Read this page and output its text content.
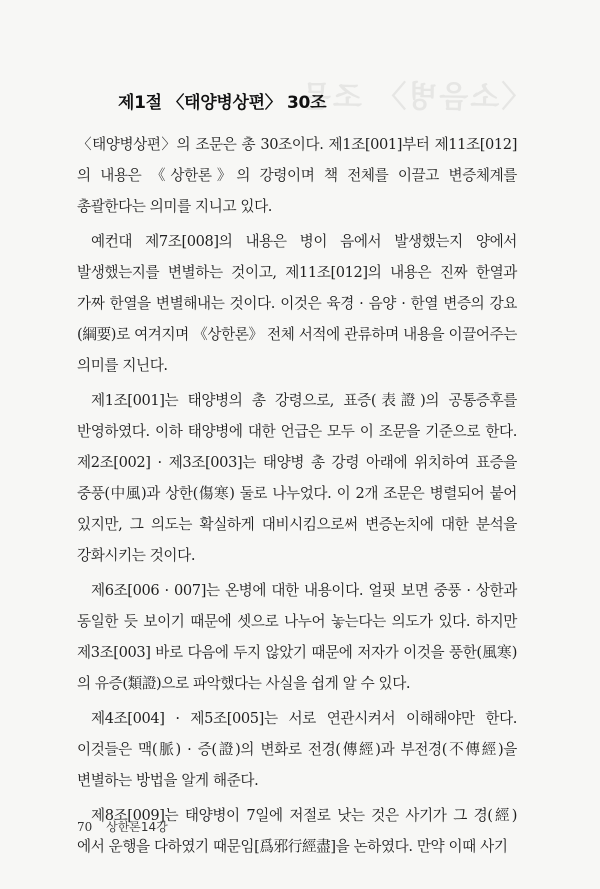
〈소음병〉 조문
제1절 〈태양병상편〉 30조

〈태양병상편〉의 조문은 총 30조이다. 제1조[001]부터 제11조[012]의 내용은 《상한론》의 강령이며 책 전체를 이끌고 변증체계를 총괄한다는 의미를 지니고 있다.

예컨대 제7조[008]의 내용은 병이 음에서 발생했는지 양에서 발생했는지를 변별하는 것이고, 제11조[012]의 내용은 진짜 한열과 가짜 한열을 변별해내는 것이다. 이것은 육경 · 음양 · 한열 변증의 강요(綱要)로 여겨지며 《상한론》 전체 서적에 관류하며 내용을 이끌어주는 의미를 지닌다.

제1조[001]는 태양병의 총 강령으로, 표증(表證)의 공통증후를 반영하였다. 이하 태양병에 대한 언급은 모두 이 조문을 기준으로 한다. 제2조[002] · 제3조[003]는 태양병 총 강령 아래에 위치하여 표증을 중풍(中風)과 상한(傷寒) 둘로 나누었다. 이 2개 조문은 병렬되어 붙어 있지만, 그 의도는 확실하게 대비시킴으로써 변증논치에 대한 분석을 강화시키는 것이다.

제6조[006 · 007]는 온병에 대한 내용이다. 얼핏 보면 중풍 · 상한과 동일한 듯 보이기 때문에 셋으로 나누어 놓는다는 의도가 있다. 하지만 제3조[003] 바로 다음에 두지 않았기 때문에 저자가 이것을 풍한(風寒)의 유증(類證)으로 파악했다는 사실을 쉽게 알 수 있다.

제4조[004] · 제5조[005]는 서로 연관시켜서 이해해야만 한다. 이것들은 맥(脈) · 증(證)의 변화로 전경(傳經)과 부전경(不傳經)을 변별하는 방법을 알게 해준다.

제8조[009]는 태양병이 7일에 저절로 낫는 것은 사기가 그 경(經)에서 운행을 다하였기 때문임[爲邪行經盡]을 논하였다. 만약 이때 사기

70 상한론14강
